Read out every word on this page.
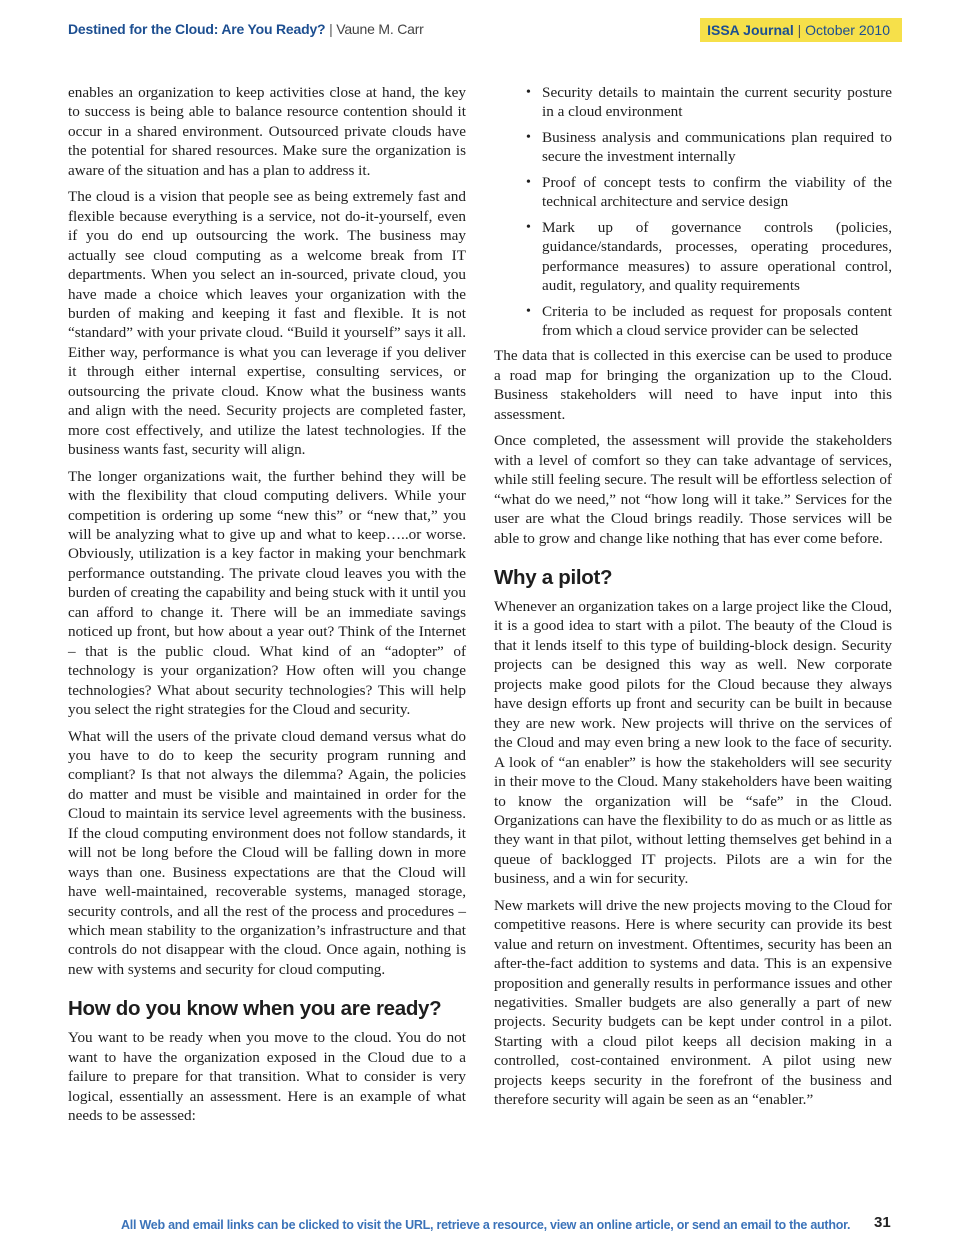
Destined for the Cloud: Are You Ready? | Vaune M. Carr	ISSA Journal | October 2010

enables an organization to keep activities close at hand, the key to success is being able to balance resource contention should it occur in a shared environment. Outsourced private clouds have the potential for shared resources. Make sure the organization is aware of the situation and has a plan to address it.

The cloud is a vision that people see as being extremely fast and flexible because everything is a service, not do-it-yourself, even if you do end up outsourcing the work. The business may actually see cloud computing as a welcome break from IT departments. When you select an in-sourced, private cloud, you have made a choice which leaves your organization with the burden of making and keeping it fast and flexible. It is not “standard” with your private cloud. “Build it yourself” says it all. Either way, performance is what you can leverage if you deliver it through either internal expertise, consulting services, or outsourcing the private cloud. Know what the business wants and align with the need. Security projects are completed faster, more cost effectively, and utilize the latest technologies. If the business wants fast, security will align.

The longer organizations wait, the further behind they will be with the flexibility that cloud computing delivers. While your competition is ordering up some “new this” or “new that,” you will be analyzing what to give up and what to keep…..or worse. Obviously, utilization is a key factor in making your benchmark performance outstanding. The private cloud leaves you with the burden of creating the capability and being stuck with it until you can afford to change it. There will be an immediate savings noticed up front, but how about a year out? Think of the Internet – that is the public cloud. What kind of an “adopter” of technology is your organization? How often will you change technologies? What about security technologies? This will help you select the right strategies for the Cloud and security.

What will the users of the private cloud demand versus what do you have to do to keep the security program running and compliant? Is that not always the dilemma? Again, the policies do matter and must be visible and maintained in order for the Cloud to maintain its service level agreements with the business. If the cloud computing environment does not follow standards, it will not be long before the Cloud will be falling down in more ways than one. Business expectations are that the Cloud will have well-maintained, recoverable systems, managed storage, security controls, and all the rest of the process and procedures – which mean stability to the organization’s infrastructure and that controls do not disappear with the cloud. Once again, nothing is new with systems and security for cloud computing.

How do you know when you are ready?

You want to be ready when you move to the cloud. You do not want to have the organization exposed in the Cloud due to a failure to prepare for that transition. What to consider is very logical, essentially an assessment. Here is an example of what needs to be assessed:

• Security details to maintain the current security posture in a cloud environment
• Business analysis and communications plan required to secure the investment internally
• Proof of concept tests to confirm the viability of the technical architecture and service design
• Mark up of governance controls (policies, guidance/standards, processes, operating procedures, performance measures) to assure operational control, audit, regulatory, and quality requirements
• Criteria to be included as request for proposals content from which a cloud service provider can be selected

The data that is collected in this exercise can be used to produce a road map for bringing the organization up to the Cloud. Business stakeholders will need to have input into this assessment.

Once completed, the assessment will provide the stakeholders with a level of comfort so they can take advantage of services, while still feeling secure. The result will be effortless selection of “what do we need,” not “how long will it take.” Services for the user are what the Cloud brings readily. Those services will be able to grow and change like nothing that has ever come before.

Why a pilot?

Whenever an organization takes on a large project like the Cloud, it is a good idea to start with a pilot. The beauty of the Cloud is that it lends itself to this type of building-block design. Security projects can be designed this way as well. New corporate projects make good pilots for the Cloud because they always have design efforts up front and security can be built in because they are new work. New projects will thrive on the services of the Cloud and may even bring a new look to the face of security. A look of “an enabler” is how the stakeholders will see security in their move to the Cloud. Many stakeholders have been waiting to know the organization will be “safe” in the Cloud. Organizations can have the flexibility to do as much or as little as they want in that pilot, without letting themselves get behind in a queue of backlogged IT projects. Pilots are a win for the business, and a win for security.

New markets will drive the new projects moving to the Cloud for competitive reasons. Here is where security can provide its best value and return on investment. Oftentimes, security has been an after-the-fact addition to systems and data. This is an expensive proposition and generally results in performance issues and other negativities. Smaller budgets are also generally a part of new projects. Security budgets can be kept under control in a pilot. Starting with a cloud pilot keeps all decision making in a controlled, cost-contained environment. A pilot using new projects keeps security in the forefront of the business and therefore security will again be seen as an “enabler.”

All Web and email links can be clicked to visit the URL, retrieve a resource, view an online article, or send an email to the author. 31
